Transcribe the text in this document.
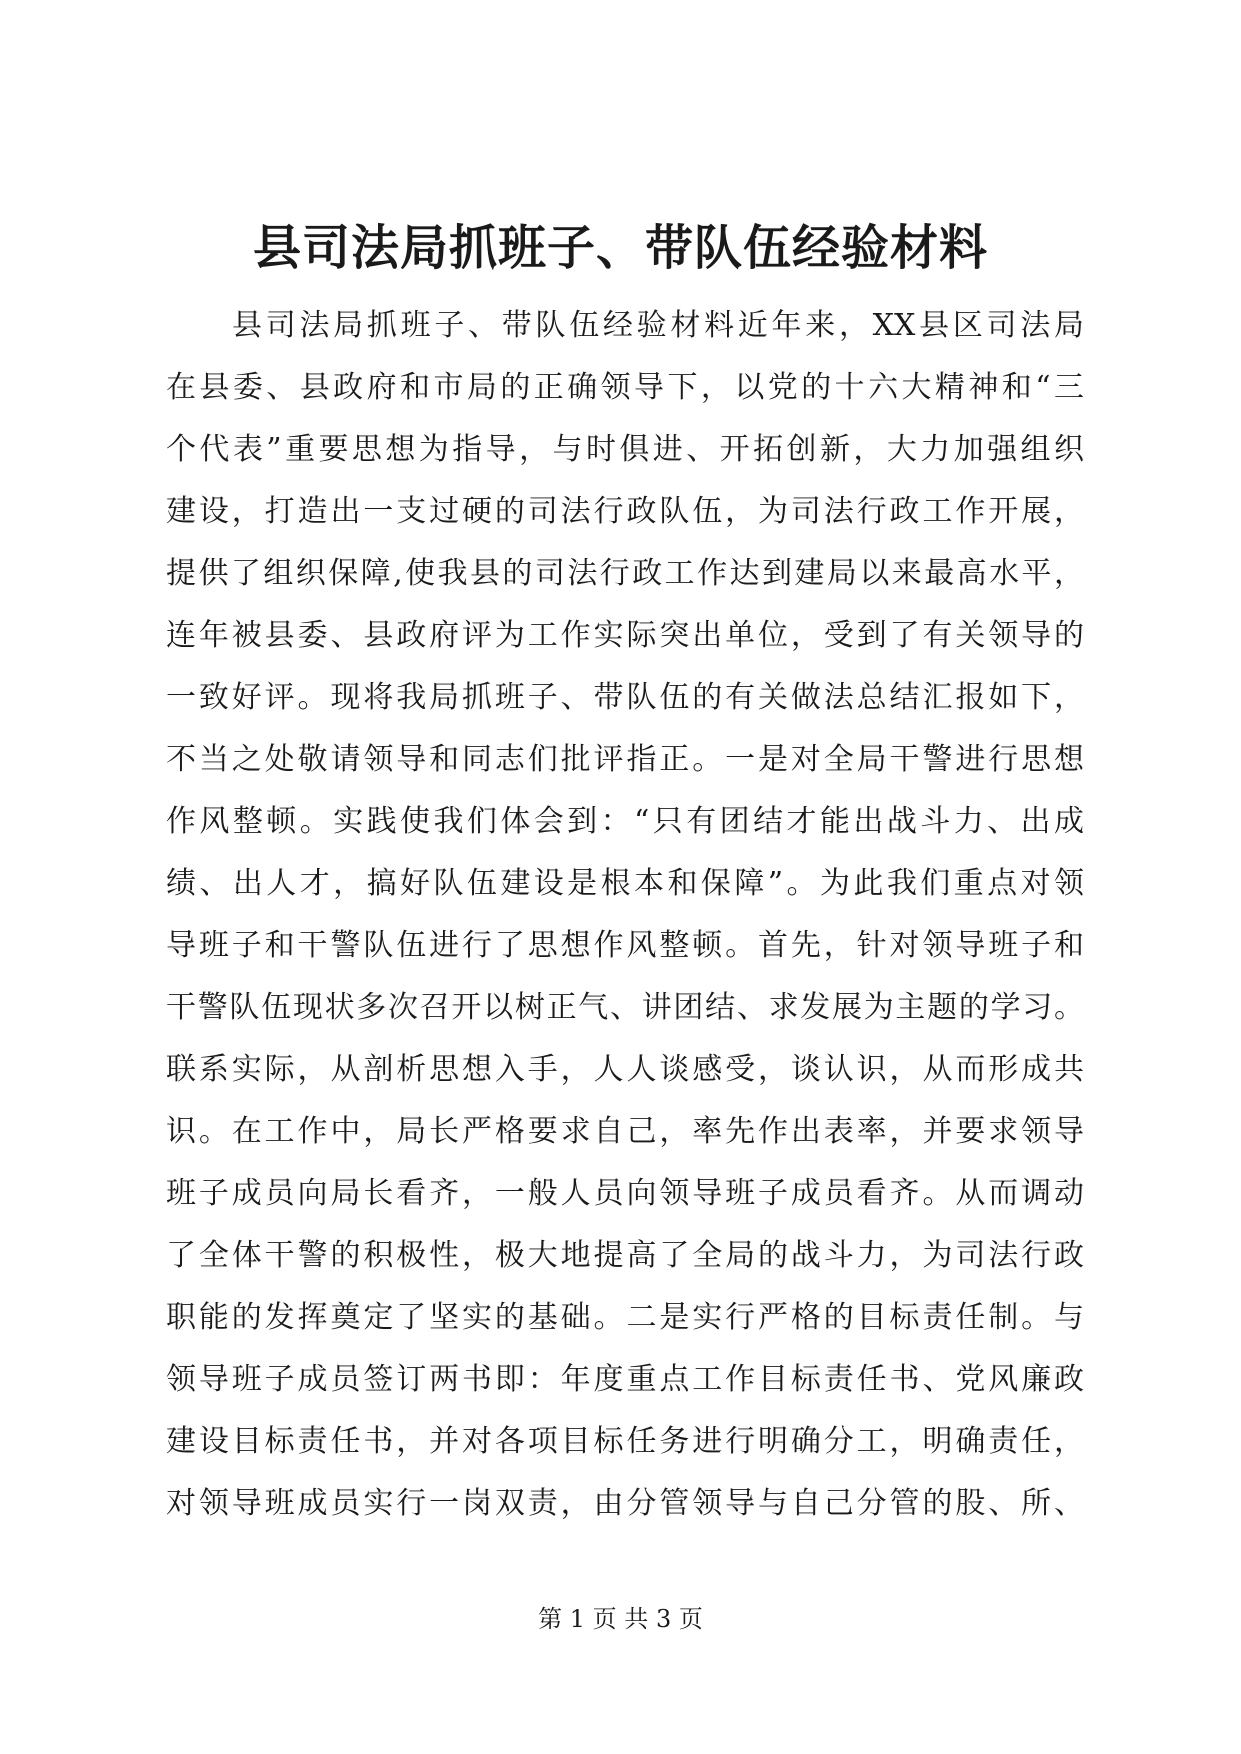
县司法局抓班子、带队伍经验材料
县司法局抓班子、带队伍经验材料近年来，XX县区司法局
在县委、县政府和市局的正确领导下，以党的十六大精神和“三
个代表”重要思想为指导，与时俱进、开拓创新，大力加强组织
建设，打造出一支过硬的司法行政队伍，为司法行政工作开展，
提供了组织保障,使我县的司法行政工作达到建局以来最高水平，
连年被县委、县政府评为工作实际突出单位，受到了有关领导的
一致好评。现将我局抓班子、带队伍的有关做法总结汇报如下，
不当之处敬请领导和同志们批评指正。一是对全局干警进行思想
作风整顿。实践使我们体会到：“只有团结才能出战斗力、出成
绩、出人才，搞好队伍建设是根本和保障”。为此我们重点对领
导班子和干警队伍进行了思想作风整顿。首先，针对领导班子和
干警队伍现状多次召开以树正气、讲团结、求发展为主题的学习。
联系实际，从剖析思想入手，人人谈感受，谈认识，从而形成共
识。在工作中，局长严格要求自己，率先作出表率，并要求领导
班子成员向局长看齐，一般人员向领导班子成员看齐。从而调动
了全体干警的积极性，极大地提高了全局的战斗力，为司法行政
职能的发挥奠定了坚实的基础。二是实行严格的目标责任制。与
领导班子成员签订两书即：年度重点工作目标责任书、党风廉政
建设目标责任书，并对各项目标任务进行明确分工，明确责任，
对领导班成员实行一岗双责，由分管领导与自己分管的股、所、
第 1 页 共 3 页
